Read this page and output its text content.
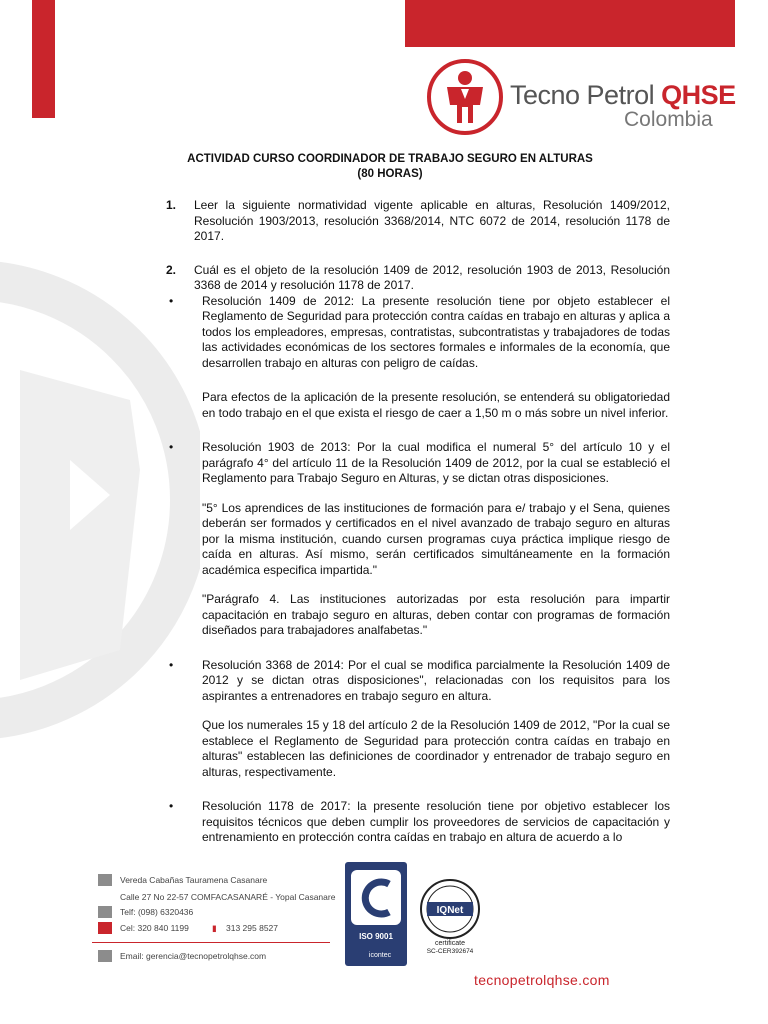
Tecno Petrol QHSE
Colombia
ACTIVIDAD CURSO COORDINADOR DE TRABAJO SEGURO EN ALTURAS
(80 HORAS)
1. Leer la siguiente normatividad vigente aplicable en alturas, Resolución 1409/2012, Resolución 1903/2013, resolución 3368/2014, NTC 6072 de 2014, resolución 1178 de 2017.
2. Cuál es el objeto de la resolución 1409 de 2012, resolución 1903 de 2013, Resolución 3368 de 2014 y resolución 1178 de 2017.
• Resolución 1409 de 2012: La presente resolución tiene por objeto establecer el Reglamento de Seguridad para protección contra caídas en trabajo en alturas y aplica a todos los empleadores, empresas, contratistas, subcontratistas y trabajadores de todas las actividades económicas de los sectores formales e informales de la economía, que desarrollen trabajo en alturas con peligro de caídas.
Para efectos de la aplicación de la presente resolución, se entenderá su obligatoriedad en todo trabajo en el que exista el riesgo de caer a 1,50 m o más sobre un nivel inferior.
• Resolución 1903 de 2013: Por la cual modifica el numeral 5° del artículo 10 y el parágrafo 4° del artículo 11 de la Resolución 1409 de 2012, por la cual se estableció el Reglamento para Trabajo Seguro en Alturas, y se dictan otras disposiciones.
"5° Los aprendices de las instituciones de formación para e/ trabajo y el Sena, quienes deberán ser formados y certificados en el nivel avanzado de trabajo seguro en alturas por la misma institución, cuando cursen programas cuya práctica implique riesgo de caída en alturas. Así mismo, serán certificados simultáneamente en la formación académica especifica impartida."
"Parágrafo 4. Las instituciones autorizadas por esta resolución para impartir capacitación en trabajo seguro en alturas, deben contar con programas de formación diseñados para trabajadores analfabetas."
• Resolución 3368 de 2014: Por el cual se modifica parcialmente la Resolución 1409 de 2012 y se dictan otras disposiciones", relacionadas con los requisitos para los aspirantes a entrenadores en trabajo seguro en altura.
Que los numerales 15 y 18 del artículo 2 de la Resolución 1409 de 2012, "Por la cual se establece el Reglamento de Seguridad para protección contra caídas en trabajo en alturas" establecen las definiciones de coordinador y entrenador de trabajo seguro en alturas, respectivamente.
• Resolución 1178 de 2017: la presente resolución tiene por objetivo establecer los requisitos técnicos que deben cumplir los proveedores de servicios de capacitación y entrenamiento en protección contra caídas en trabajo en altura de acuerdo a lo
Vereda Cabañas Tauramena Casanare
Calle 27 No 22-57 COMFACASANARÉ - Yopal Casanare
Telf: (098) 6320436
Cel: 320 840 1199	▮ 313 295 8527
Email: gerencia@tecnopetrolqhse.com
ISO 9001
icontec
IQNet
certificate
SC-CER392674
tecnopetrolqhse.com
